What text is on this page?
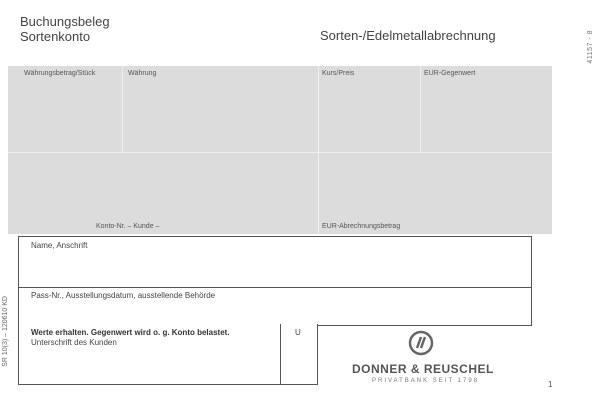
Buchungsbeleg
Sortenkonto	Sorten-/Edelmetallabrechnung	41157 - 8
Währungsbetrag/Stück	Währung	Kurs/Preis	EUR-Gegenwert
Konto-Nr. – Kunde –	EUR-Abrechnungsbetrag
Name, Anschrift
Pass-Nr., Ausstellungsdatum, ausstellende Behörde
Werte erhalten. Gegenwert wird o. g. Konto belastet.
Unterschrift des Kunden
U
SR 10(3) – 120610 KD
DONNER & REUSCHEL
PRIVATBANK SEIT 1798	1
